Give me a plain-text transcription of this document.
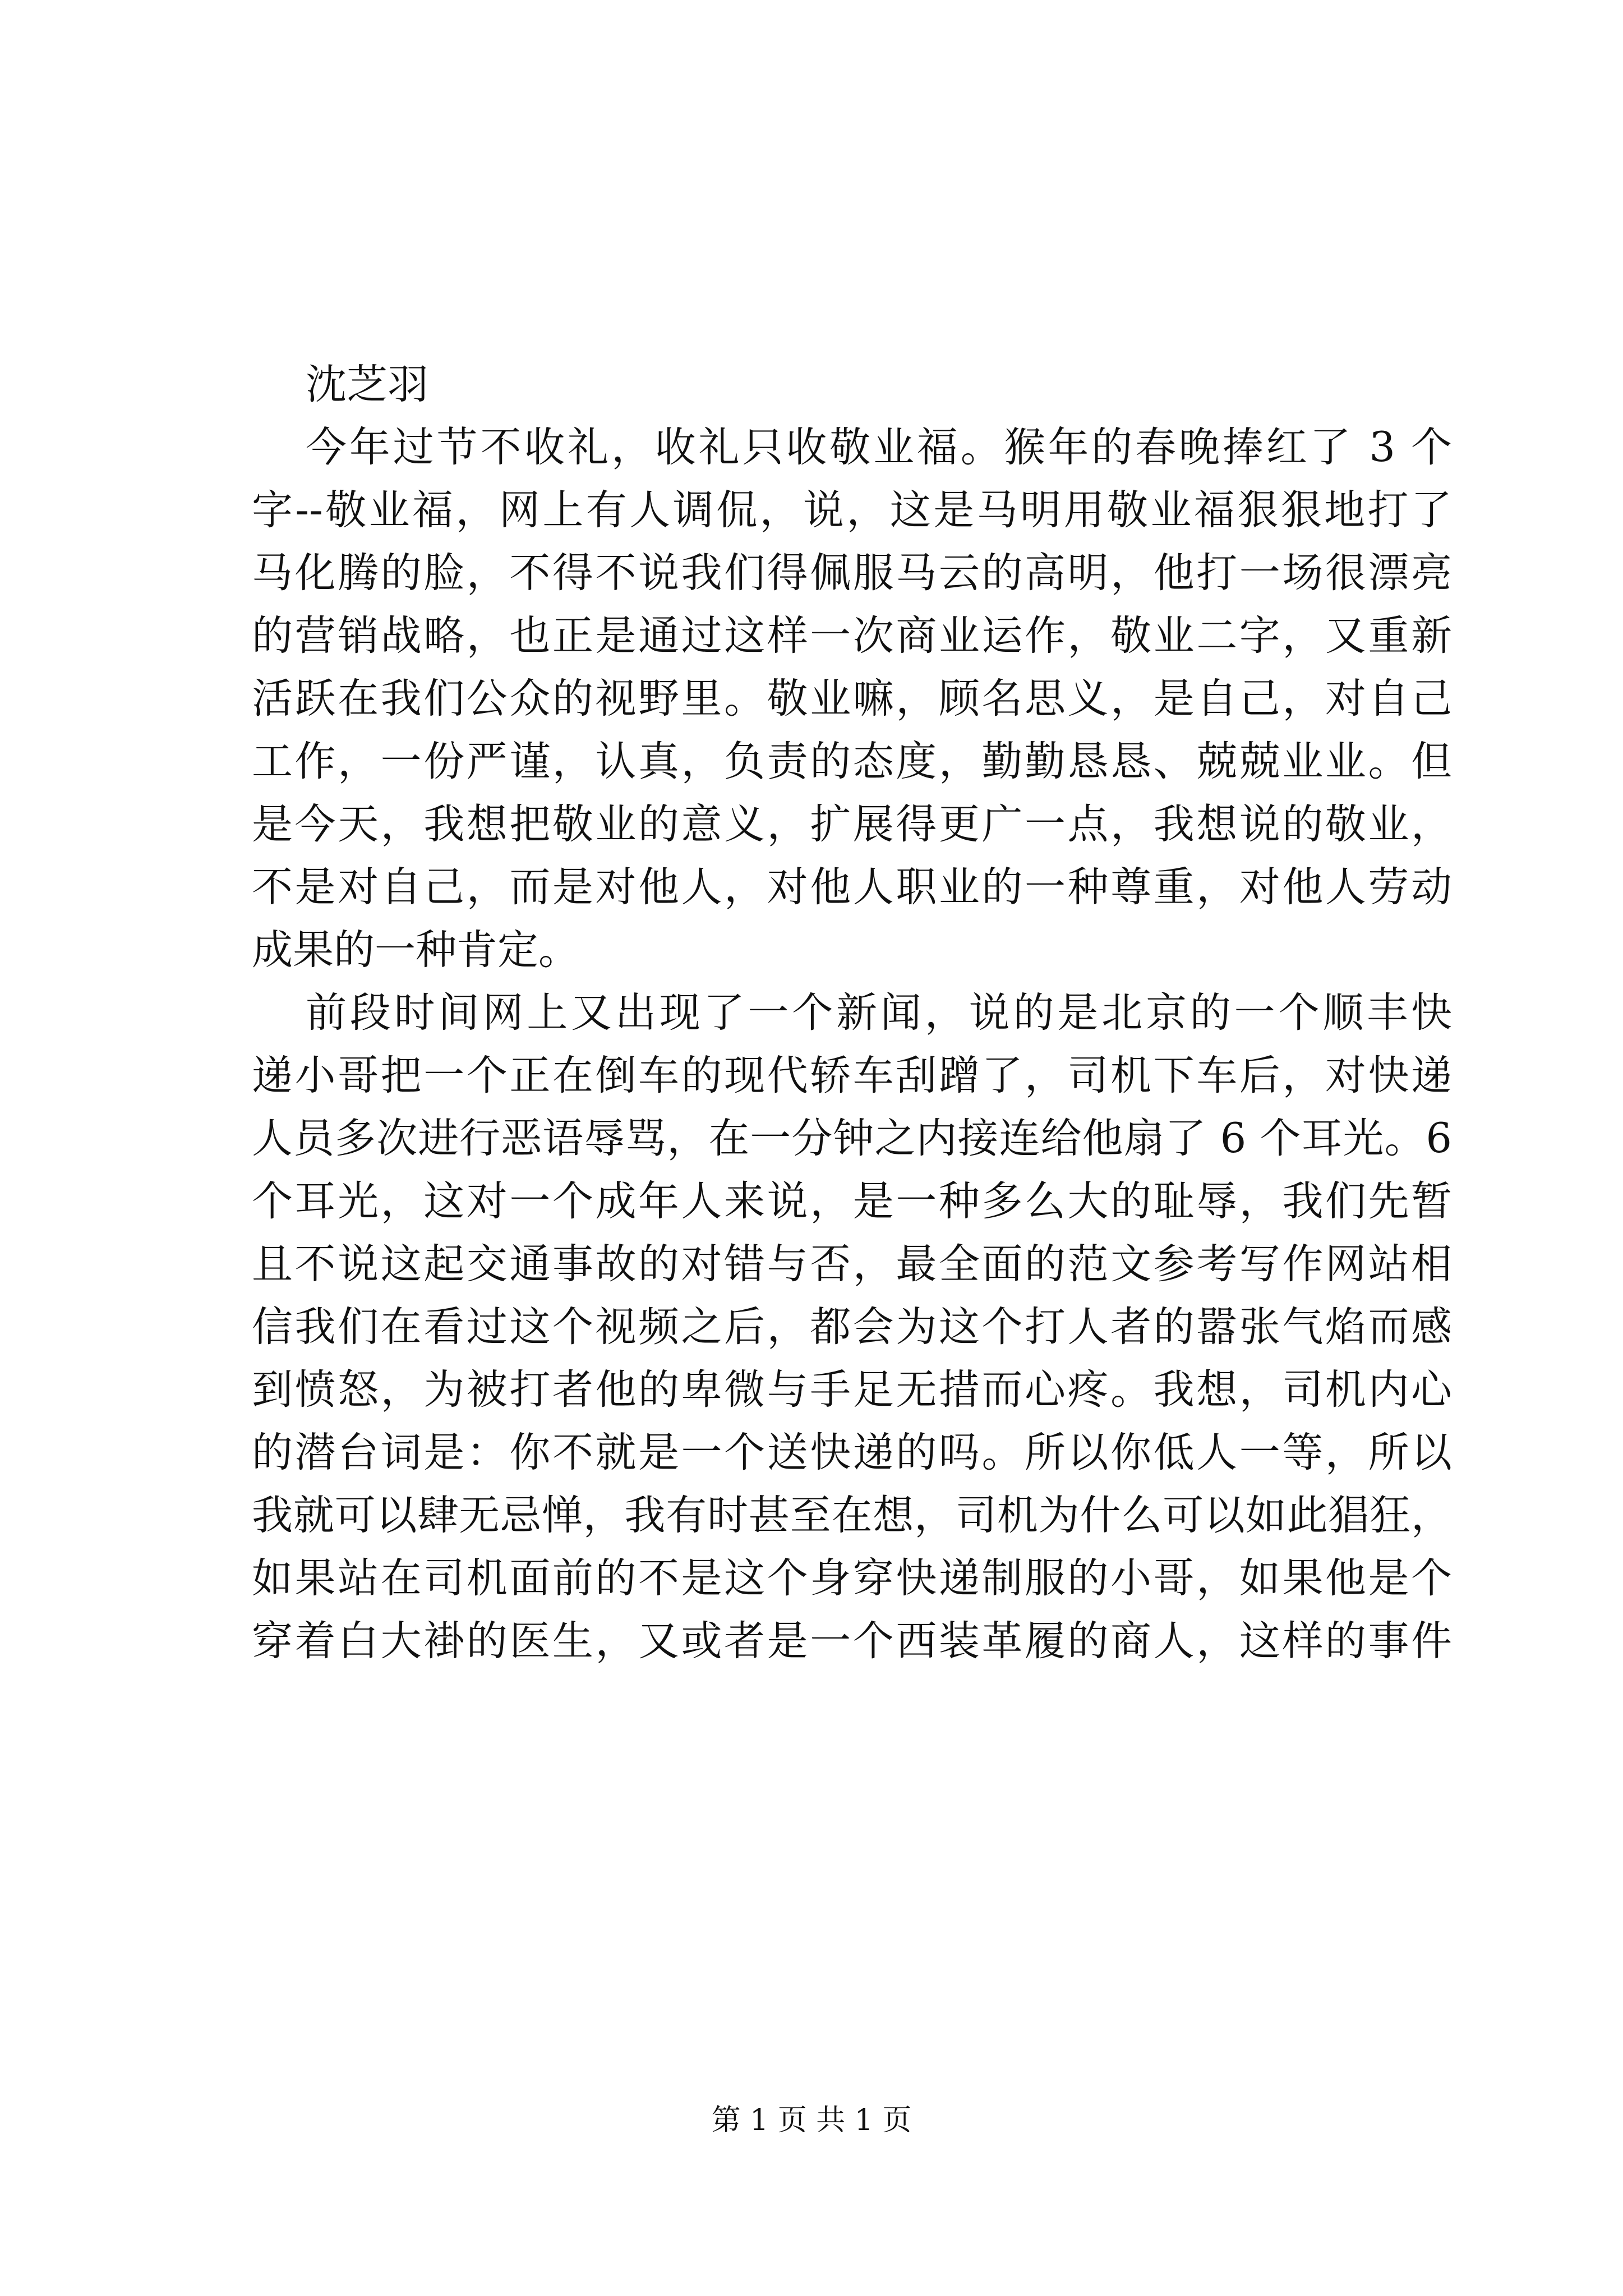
沈芝羽
今年过节不收礼，收礼只收敬业福。猴年的春晚捧红了 3 个
字--敬业福，网上有人调侃，说，这是马明用敬业福狠狠地打了
马化腾的脸，不得不说我们得佩服马云的高明，他打一场很漂亮
的营销战略，也正是通过这样一次商业运作，敬业二字，又重新
活跃在我们公众的视野里。敬业嘛，顾名思义，是自己，对自己
工作，一份严谨，认真，负责的态度，勤勤恳恳、兢兢业业。但
是今天，我想把敬业的意义，扩展得更广一点，我想说的敬业，
不是对自己，而是对他人，对他人职业的一种尊重，对他人劳动
成果的一种肯定。
前段时间网上又出现了一个新闻，说的是北京的一个顺丰快
递小哥把一个正在倒车的现代轿车刮蹭了，司机下车后，对快递
人员多次进行恶语辱骂，在一分钟之内接连给他扇了 6 个耳光。6
个耳光，这对一个成年人来说，是一种多么大的耻辱，我们先暂
且不说这起交通事故的对错与否，最全面的范文参考写作网站相
信我们在看过这个视频之后，都会为这个打人者的嚣张气焰而感
到愤怒，为被打者他的卑微与手足无措而心疼。我想，司机内心
的潜台词是：你不就是一个送快递的吗。所以你低人一等，所以
我就可以肆无忌惮，我有时甚至在想，司机为什么可以如此猖狂，
如果站在司机面前的不是这个身穿快递制服的小哥，如果他是个
穿着白大褂的医生，又或者是一个西装革履的商人，这样的事件
第 1 页 共 1 页
